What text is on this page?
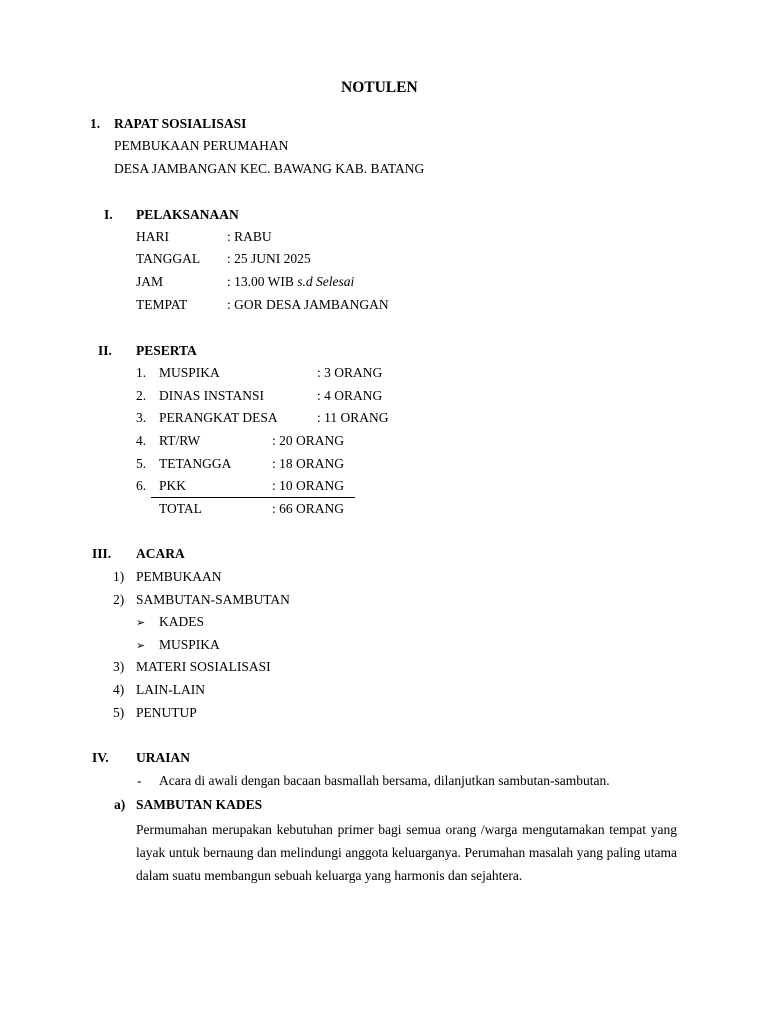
NOTULEN
1. RAPAT SOSIALISASI
PEMBUKAAN PERUMAHAN
DESA JAMBANGAN KEC. BAWANG KAB. BATANG
I. PELAKSANAAN
HARI	: RABU
TANGGAL : 25 JUNI 2025
JAM	: 13.00 WIB s.d Selesai
TEMPAT	: GOR DESA JAMBANGAN
II. PESERTA
1. MUSPIKA	: 3 ORANG
2. DINAS INSTANSI	: 4 ORANG
3. PERANGKAT DESA	: 11 ORANG
4. RT/RW	: 20 ORANG
5. TETANGGA	: 18 ORANG
6. PKK	: 10 ORANG
TOTAL	: 66 ORANG
III. ACARA
1) PEMBUKAAN
2) SAMBUTAN-SAMBUTAN
➢ KADES
➢ MUSPIKA
3) MATERI SOSIALISASI
4) LAIN-LAIN
5) PENUTUP
IV. URAIAN
- Acara di awali dengan bacaan basmallah bersama, dilanjutkan sambutan-sambutan.
a) SAMBUTAN KADES
Permumahan merupakan kebutuhan primer bagi semua orang /warga mengutamakan tempat yang layak untuk bernaung dan melindungi anggota keluarganya. Perumahan masalah yang paling utama dalam suatu membangun sebuah keluarga yang harmonis dan sejahtera.
